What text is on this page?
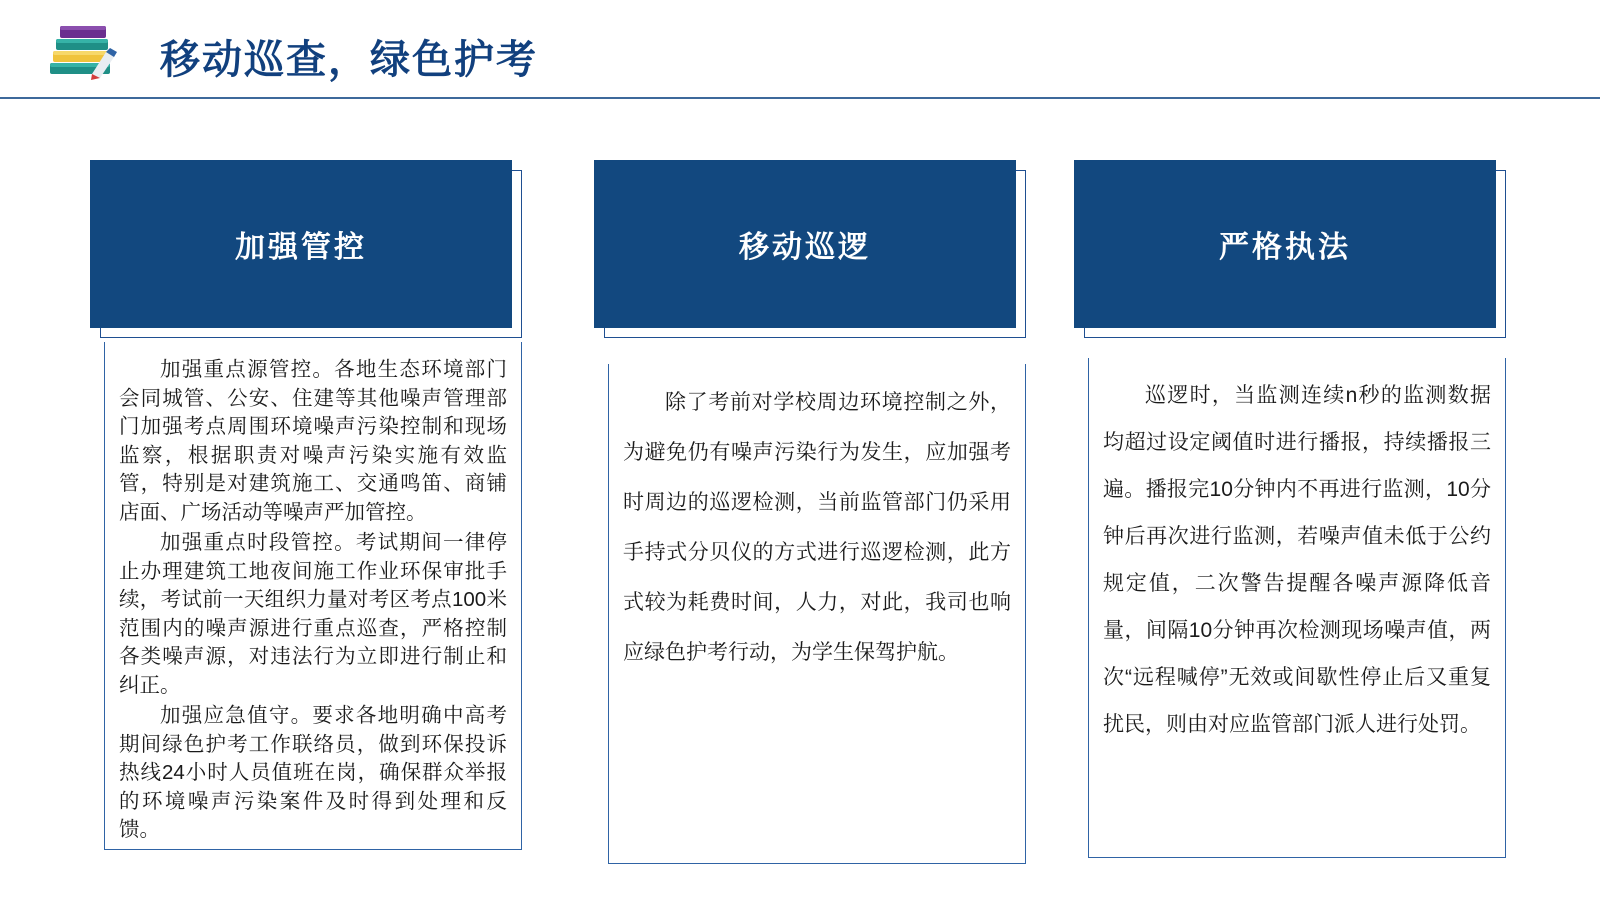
移动巡查，绿色护考
加强管控

加强重点源管控。各地生态环境部门会同城管、公安、住建等其他噪声管理部门加强考点周围环境噪声污染控制和现场监察，根据职责对噪声污染实施有效监管，特别是对建筑施工、交通鸣笛、商铺店面、广场活动等噪声严加管控。

加强重点时段管控。考试期间一律停止办理建筑工地夜间施工作业环保审批手续，考试前一天组织力量对考区考点100米范围内的噪声源进行重点巡查，严格控制各类噪声源，对违法行为立即进行制止和纠正。

加强应急值守。要求各地明确中高考期间绿色护考工作联络员，做到环保投诉热线24小时人员值班在岗，确保群众举报的环境噪声污染案件及时得到处理和反馈。

移动巡逻

除了考前对学校周边环境控制之外，为避免仍有噪声污染行为发生，应加强考时周边的巡逻检测，当前监管部门仍采用手持式分贝仪的方式进行巡逻检测，此方式较为耗费时间，人力，对此，我司也响应绿色护考行动，为学生保驾护航。

严格执法

巡逻时，当监测连续n秒的监测数据均超过设定阈值时进行播报，持续播报三遍。播报完10分钟内不再进行监测，10分钟后再次进行监测，若噪声值未低于公约规定值，二次警告提醒各噪声源降低音量，间隔10分钟再次检测现场噪声值，两次“远程喊停”无效或间歇性停止后又重复扰民，则由对应监管部门派人进行处罚。
